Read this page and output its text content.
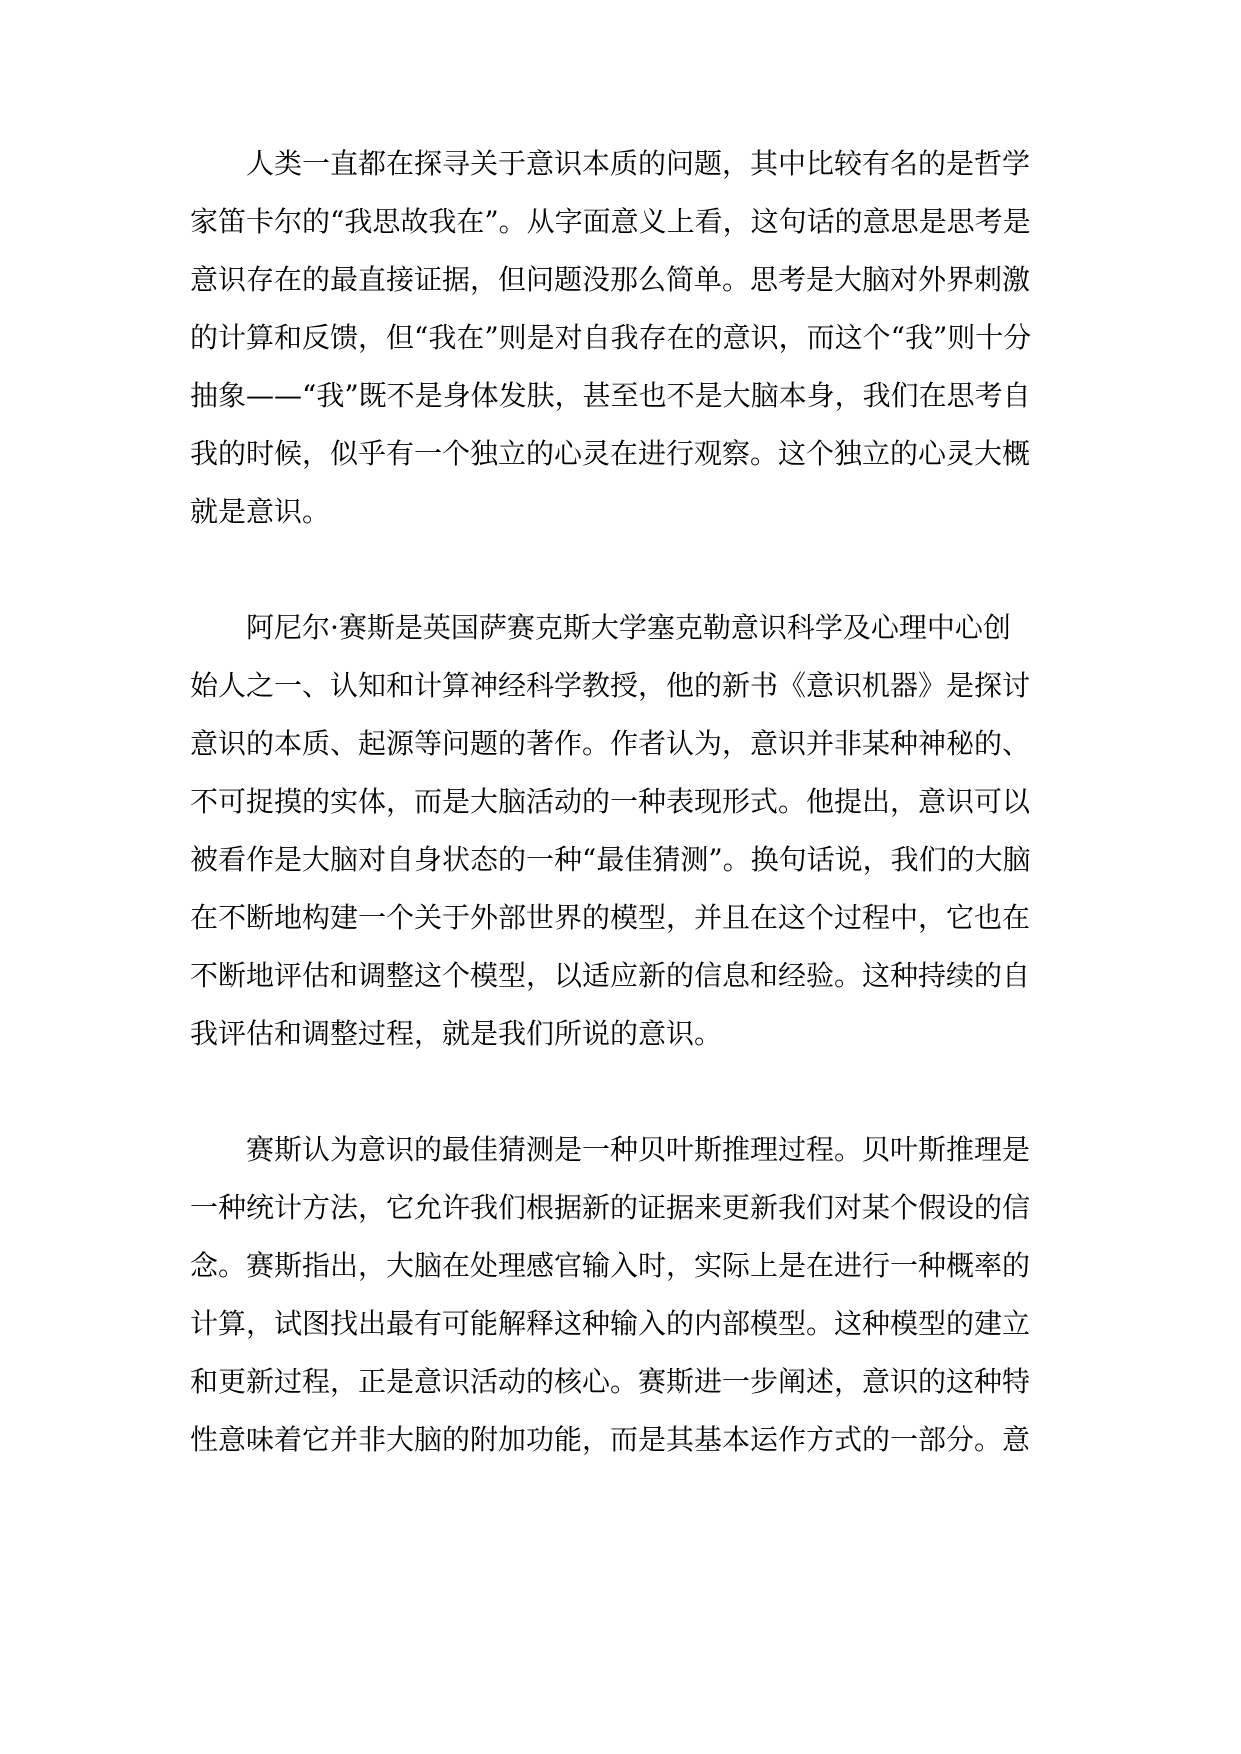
人类一直都在探寻关于意识本质的问题，其中比较有名的是哲学
家笛卡尔的“我思故我在”。从字面意义上看，这句话的意思是思考是
意识存在的最直接证据，但问题没那么简单。思考是大脑对外界刺激
的计算和反馈，但“我在”则是对自我存在的意识，而这个“我”则十分
抽象——“我”既不是身体发肤，甚至也不是大脑本身，我们在思考自
我的时候，似乎有一个独立的心灵在进行观察。这个独立的心灵大概
就是意识。
阿尼尔·赛斯是英国萨赛克斯大学塞克勒意识科学及心理中心创
始人之一、认知和计算神经科学教授，他的新书《意识机器》是探讨
意识的本质、起源等问题的著作。作者认为，意识并非某种神秘的、
不可捉摸的实体，而是大脑活动的一种表现形式。他提出，意识可以
被看作是大脑对自身状态的一种“最佳猜测”。换句话说，我们的大脑
在不断地构建一个关于外部世界的模型，并且在这个过程中，它也在
不断地评估和调整这个模型，以适应新的信息和经验。这种持续的自
我评估和调整过程，就是我们所说的意识。
赛斯认为意识的最佳猜测是一种贝叶斯推理过程。贝叶斯推理是
一种统计方法，它允许我们根据新的证据来更新我们对某个假设的信
念。赛斯指出，大脑在处理感官输入时，实际上是在进行一种概率的
计算，试图找出最有可能解释这种输入的内部模型。这种模型的建立
和更新过程，正是意识活动的核心。赛斯进一步阐述，意识的这种特
性意味着它并非大脑的附加功能，而是其基本运作方式的一部分。意
